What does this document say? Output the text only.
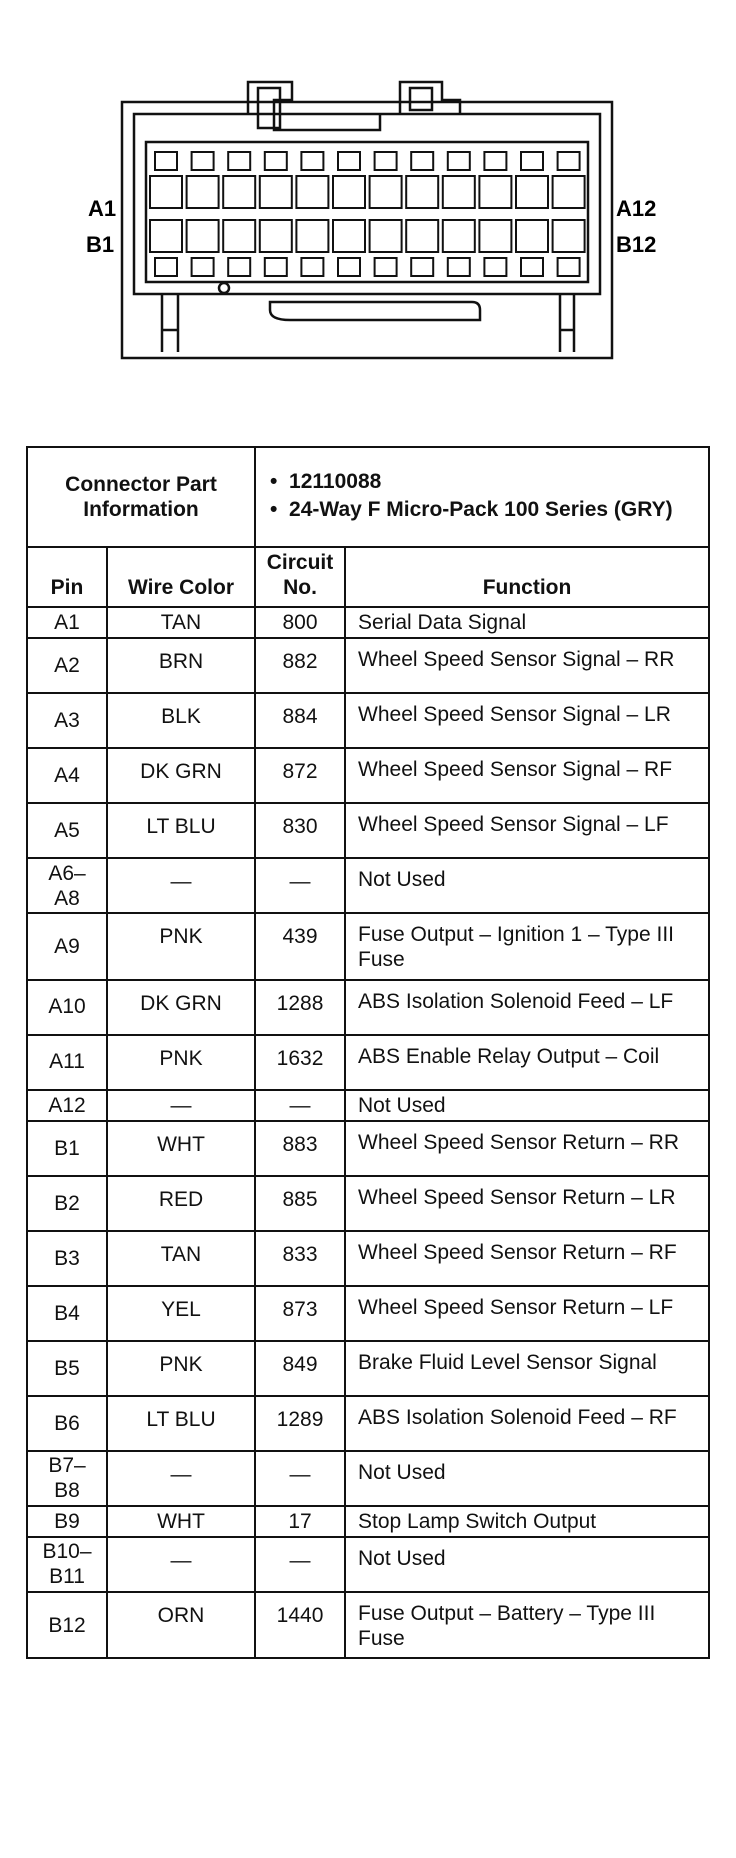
A1
B1
A12
B12
Connector Part Information		•  12110088
•  24-Way F Micro-Pack 100 Series (GRY)	

Pin	Wire Color	Circuit No.	Function
A1	TAN	800	Serial Data Signal
A2	BRN	882	Wheel Speed Sensor Signal – RR
A3	BLK	884	Wheel Speed Sensor Signal – LR
A4	DK GRN	872	Wheel Speed Sensor Signal – RF
A5	LT BLU	830	Wheel Speed Sensor Signal – LF
A6–
A8	—	—	Not Used
A9	PNK	439	Fuse Output – Ignition 1 – Type III Fuse
A10	DK GRN	1288	ABS Isolation Solenoid Feed – LF
A11	PNK	1632	ABS Enable Relay Output – Coil
A12	—	—	Not Used
B1	WHT	883	Wheel Speed Sensor Return – RR
B2	RED	885	Wheel Speed Sensor Return – LR
B3	TAN	833	Wheel Speed Sensor Return – RF
B4	YEL	873	Wheel Speed Sensor Return – LF
B5	PNK	849	Brake Fluid Level Sensor Signal
B6	LT BLU	1289	ABS Isolation Solenoid Feed – RF
B7–
B8	—	—	Not Used
B9	WHT	17	Stop Lamp Switch Output
B10–
B11	—	—	Not Used
B12	ORN	1440	Fuse Output – Battery – Type III Fuse
